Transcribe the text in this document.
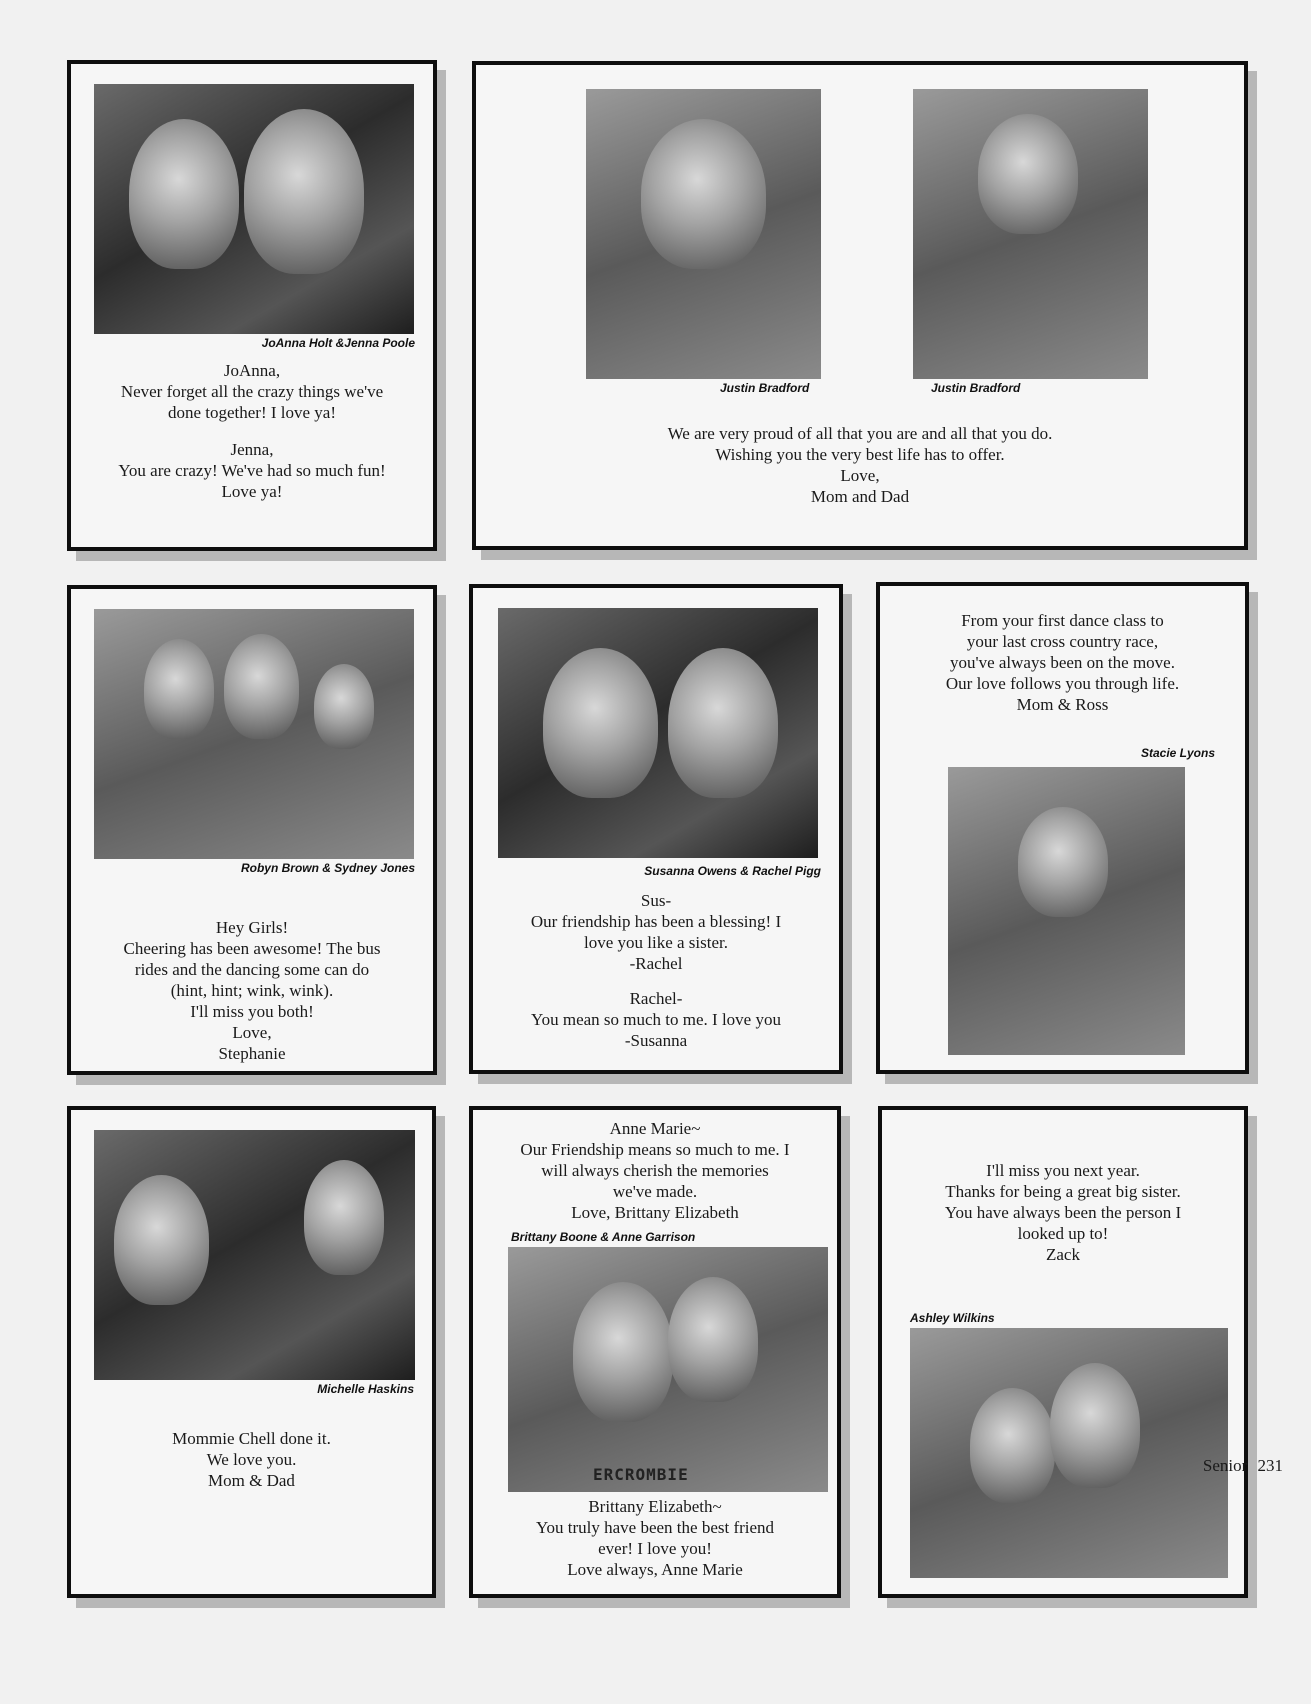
JoAnna Holt &Jenna Poole

JoAnna,
Never forget all the crazy things we've
done together! I love ya!

Jenna,
You are crazy! We've had so much fun!
Love ya!

Justin Bradford	Justin Bradford

We are very proud of all that you are and all that you do.
Wishing you the very best life has to offer.
Love,
Mom and Dad

Robyn Brown & Sydney Jones

Hey Girls!
Cheering has been awesome! The bus
rides and the dancing some can do
(hint, hint; wink, wink).
I'll miss you both!
Love,
Stephanie

Susanna Owens & Rachel Pigg

Sus-
Our friendship has been a blessing! I
love you like a sister.
-Rachel

Rachel-
You mean so much to me. I love you
-Susanna

From your first dance class to
your last cross country race,
you've always been on the move.
Our love follows you through life.
Mom & Ross

Stacie Lyons
Michelle Haskins

Mommie Chell done it.
We love you.
Mom & Dad

Anne Marie~
Our Friendship means so much to me. I
will always cherish the memories
we've made.
Love, Brittany Elizabeth

Brittany Boone & Anne Garrison
ERCROMBIE

Brittany Elizabeth~
You truly have been the best friend
ever! I love you!
Love always, Anne Marie

I'll miss you next year.
Thanks for being a great big sister.
You have always been the person I
looked up to!
Zack

Ashley Wilkins
Senior 231
